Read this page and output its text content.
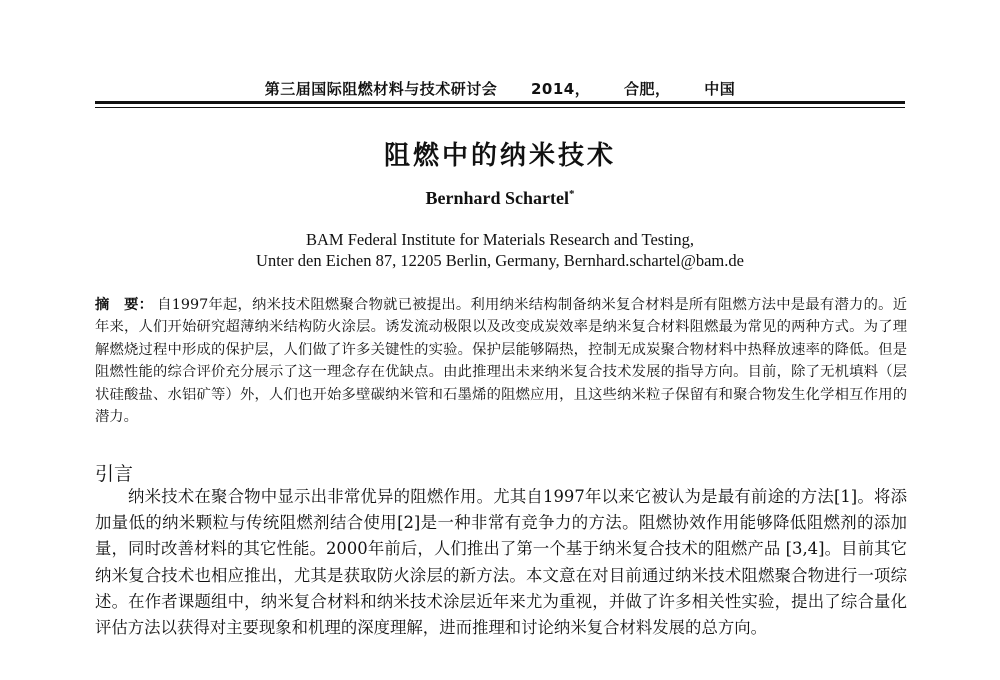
第三届国际阻燃材料与技术研讨会 2014， 合肥， 中国
阻燃中的纳米技术
Bernhard Schartel*
BAM Federal Institute for Materials Research and Testing,
Unter den Eichen 87, 12205 Berlin, Germany, Bernhard.schartel@bam.de
摘　要： 自1997年起，纳米技术阻燃聚合物就已被提出。利用纳米结构制备纳米复合材料是所有阻燃方法中是最有潜力的。近年来，人们开始研究超薄纳米结构防火涂层。诱发流动极限以及改变成炭效率是纳米复合材料阻燃最为常见的两种方式。为了理解燃烧过程中形成的保护层，人们做了许多关键性的实验。保护层能够隔热，控制无成炭聚合物材料中热释放速率的降低。但是阻燃性能的综合评价充分展示了这一理念存在优缺点。由此推理出未来纳米复合技术发展的指导方向。目前，除了无机填料（层状硅酸盐、水铝矿等）外，人们也开始多壁碳纳米管和石墨烯的阻燃应用，且这些纳米粒子保留有和聚合物发生化学相互作用的潜力。
引言
纳米技术在聚合物中显示出非常优异的阻燃作用。尤其自1997年以来它被认为是最有前途的方法[1]。将添加量低的纳米颗粒与传统阻燃剂结合使用[2]是一种非常有竞争力的方法。阻燃协效作用能够降低阻燃剂的添加量，同时改善材料的其它性能。2000年前后，人们推出了第一个基于纳米复合技术的阻燃产品 [3,4]。目前其它纳米复合技术也相应推出，尤其是获取防火涂层的新方法。本文意在对目前通过纳米技术阻燃聚合物进行一项综述。在作者课题组中，纳米复合材料和纳米技术涂层近年来尤为重视，并做了许多相关性实验，提出了综合量化评估方法以获得对主要现象和机理的深度理解，进而推理和讨论纳米复合材料发展的总方向。
